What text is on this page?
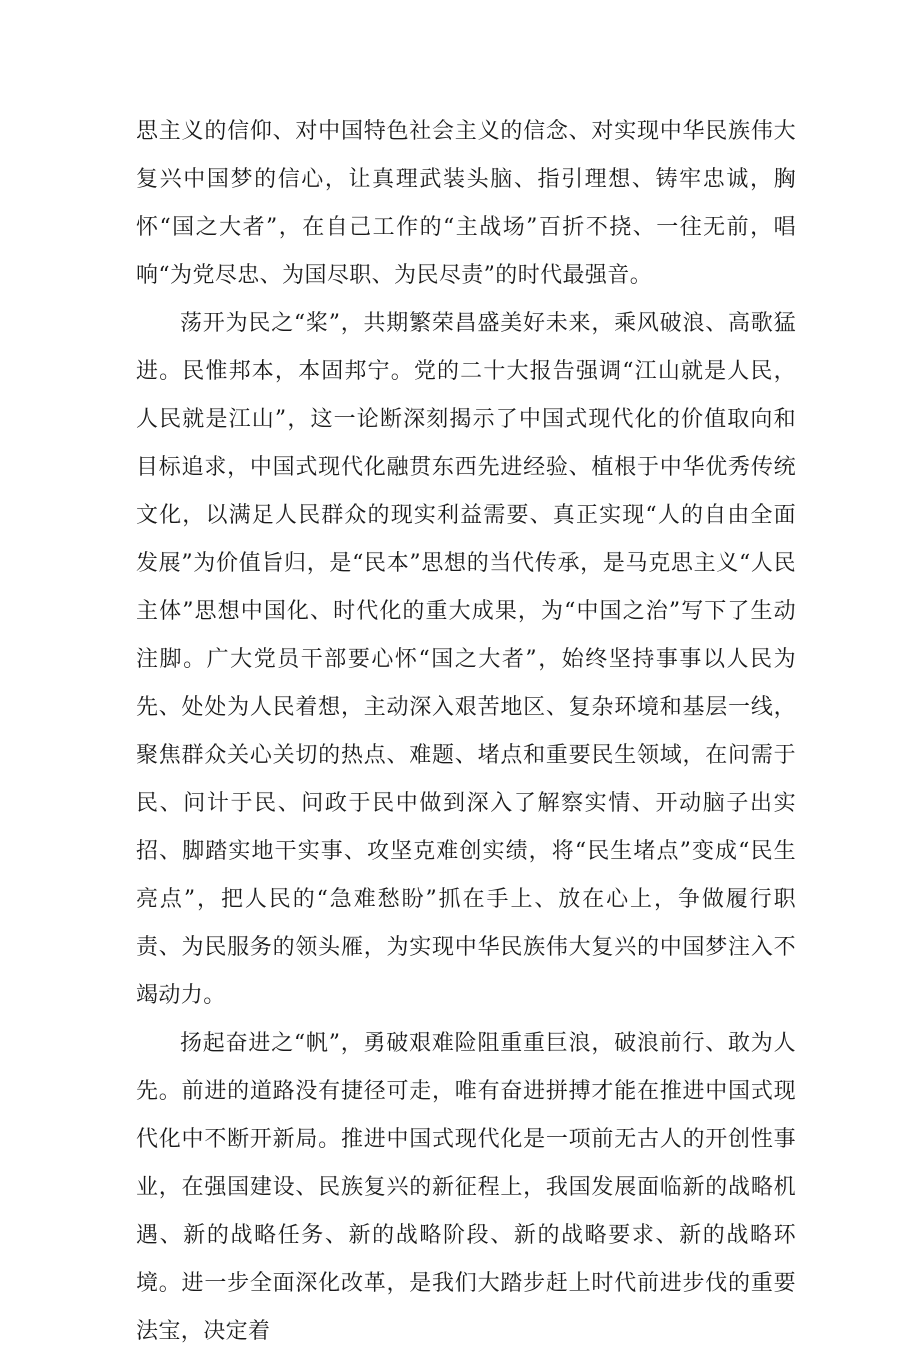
思主义的信仰、对中国特色社会主义的信念、对实现中华民族伟大复兴中国梦的信心，让真理武装头脑、指引理想、铸牢忠诚，胸怀“国之大者”，在自己工作的“主战场”百折不挠、一往无前，唱响“为党尽忠、为国尽职、为民尽责”的时代最强音。

荡开为民之“桨”，共期繁荣昌盛美好未来，乘风破浪、高歌猛进。民惟邦本，本固邦宁。党的二十大报告强调“江山就是人民，人民就是江山”，这一论断深刻揭示了中国式现代化的价值取向和目标追求，中国式现代化融贯东西先进经验、植根于中华优秀传统文化，以满足人民群众的现实利益需要、真正实现“人的自由全面发展”为价值旨归，是“民本”思想的当代传承，是马克思主义“人民主体”思想中国化、时代化的重大成果，为“中国之治”写下了生动注脚。广大党员干部要心怀“国之大者”，始终坚持事事以人民为先、处处为人民着想，主动深入艰苦地区、复杂环境和基层一线，聚焦群众关心关切的热点、难题、堵点和重要民生领域，在问需于民、问计于民、问政于民中做到深入了解察实情、开动脑子出实招、脚踏实地干实事、攻坚克难创实绩，将“民生堵点”变成“民生亮点”，把人民的“急难愁盼”抓在手上、放在心上，争做履行职责、为民服务的领头雁，为实现中华民族伟大复兴的中国梦注入不竭动力。

扬起奋进之“帆”，勇破艰难险阻重重巨浪，破浪前行、敢为人先。前进的道路没有捷径可走，唯有奋进拼搏才能在推进中国式现代化中不断开新局。推进中国式现代化是一项前无古人的开创性事业，在强国建设、民族复兴的新征程上，我国发展面临新的战略机遇、新的战略任务、新的战略阶段、新的战略要求、新的战略环境。进一步全面深化改革，是我们大踏步赶上时代前进步伐的重要法宝，决定着
